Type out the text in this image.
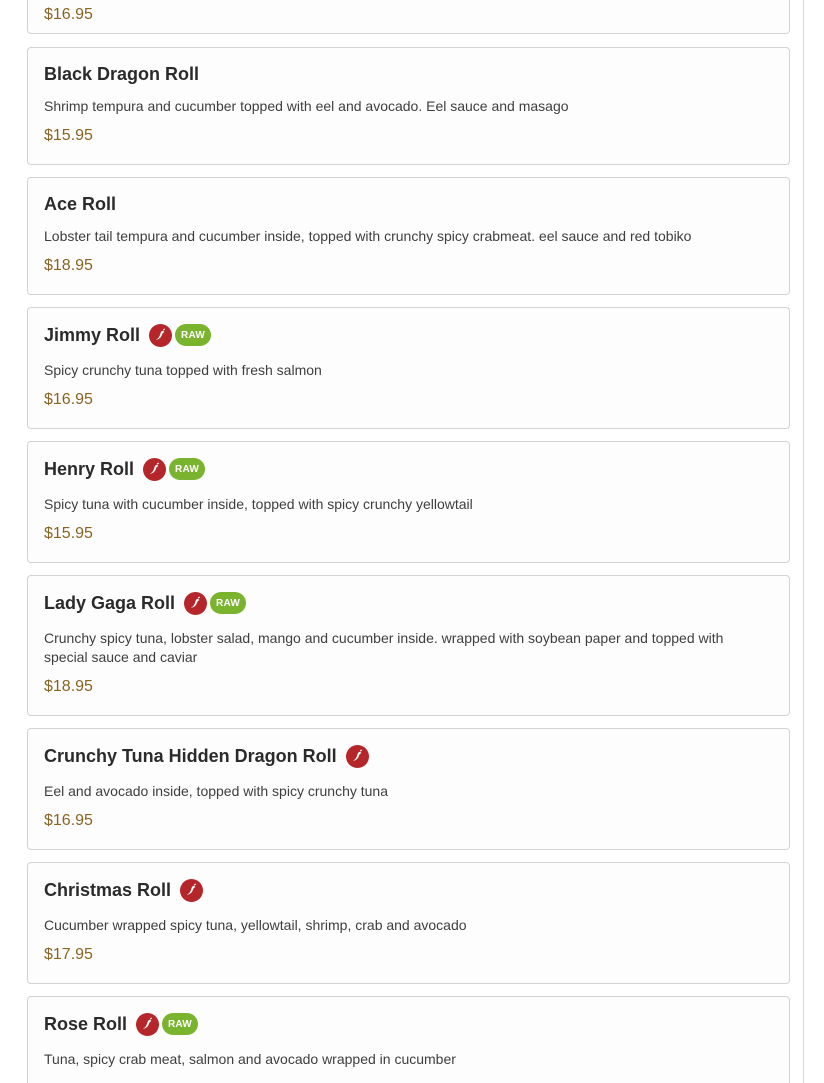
$16.95
Black Dragon Roll
Shrimp tempura and cucumber topped with eel and avocado. Eel sauce and masago
$15.95
Ace Roll
Lobster tail tempura and cucumber inside, topped with crunchy spicy crabmeat. eel sauce and red tobiko
$18.95
Jimmy Roll	RAW
Spicy crunchy tuna topped with fresh salmon
$16.95
Henry Roll	RAW
Spicy tuna with cucumber inside, topped with spicy crunchy yellowtail
$15.95
Lady Gaga Roll	RAW
Crunchy spicy tuna, lobster salad, mango and cucumber inside. wrapped with soybean paper and topped with special sauce and caviar
$18.95
Crunchy Tuna Hidden Dragon Roll
Eel and avocado inside, topped with spicy crunchy tuna
$16.95
Christmas Roll
Cucumber wrapped spicy tuna, yellowtail, shrimp, crab and avocado
$17.95
Rose Roll	RAW
Tuna, spicy crab meat, salmon and avocado wrapped in cucumber
